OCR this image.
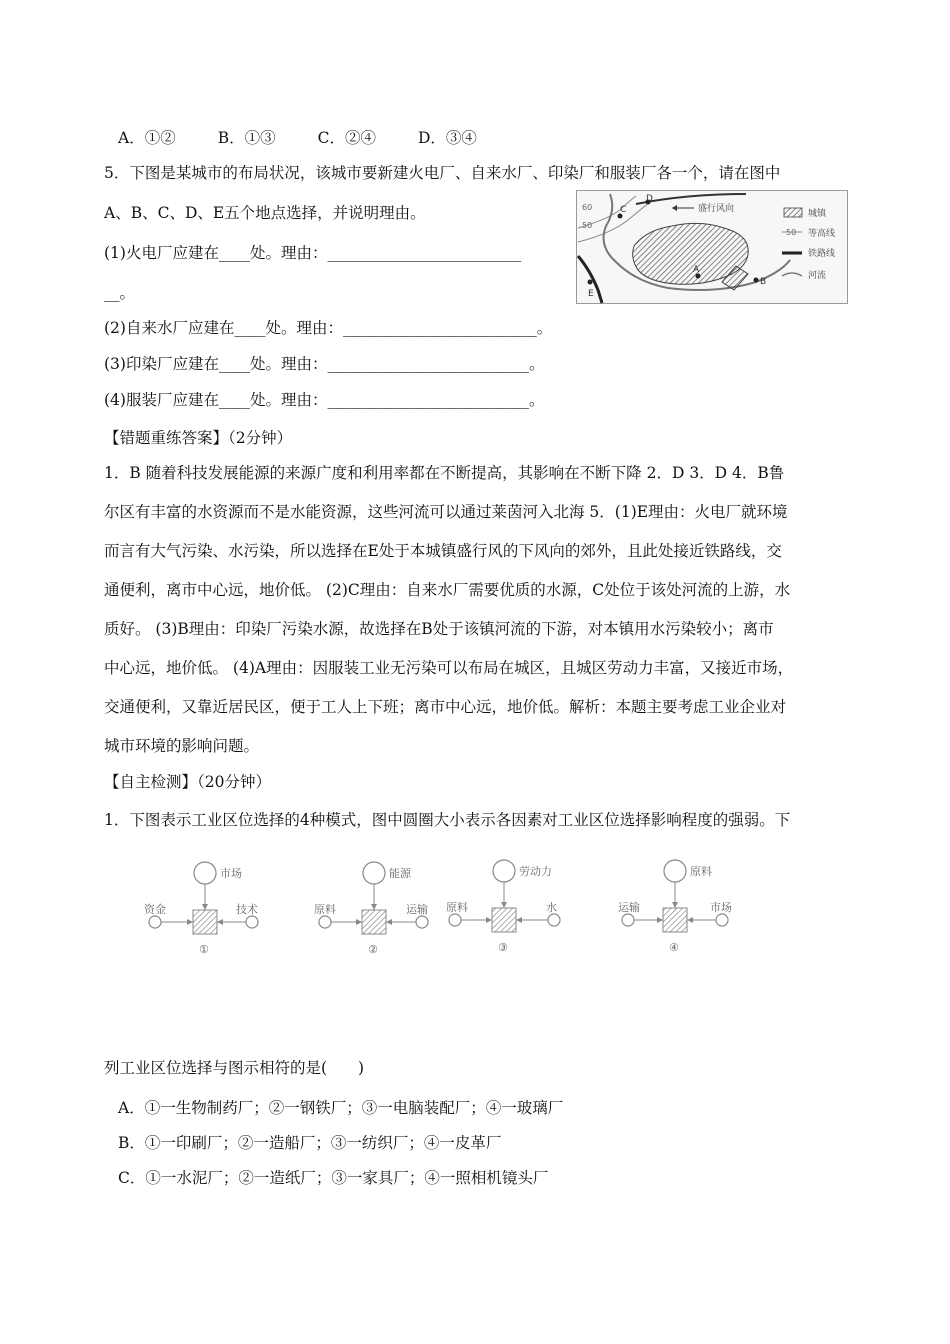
A．①②	B．①③	C．②④	D．③④
5．下图是某城市的布局状况，该城市要新建火电厂、自来水厂、印染厂和服装厂各一个，请在图中
A、B、C、D、E五个地点选择，并说明理由。
(1)火电厂应建在____处。理由：_________________________
__。
(2)自来水厂应建在____处。理由：_________________________。
(3)印染厂应建在____处。理由：__________________________。
(4)服装厂应建在____处。理由：__________________________。
60
50
盛行风向
A
B
C
D
E
城镇
50 等高线
铁路线
河流
【错题重练答案】（2分钟）
1．B 随着科技发展能源的来源广度和利用率都在不断提高，其影响在不断下降 2．D 3．D 4．B鲁
尔区有丰富的水资源而不是水能资源，这些河流可以通过莱茵河入北海 5．(1)E理由：火电厂就环境
而言有大气污染、水污染，所以选择在E处于本城镇盛行风的下风向的郊外，且此处接近铁路线，交
通便利，离市中心远，地价低。 (2)C理由：自来水厂需要优质的水源，C处位于该处河流的上游，水
质好。 (3)B理由：印染厂污染水源，故选择在B处于该镇河流的下游，对本镇用水污染较小；离市
中心远，地价低。 (4)A理由：因服装工业无污染可以布局在城区，且城区劳动力丰富，又接近市场，
交通便利，又靠近居民区，便于工人上下班；离市中心远，地价低。解析：本题主要考虑工业企业对
城市环境的影响问题。
【自主检测】（20分钟）
1．下图表示工业区位选择的4种模式，图中圆圈大小表示各因素对工业区位选择影响程度的强弱。下
市场
资金	技术
①
能源
原料	运输
②
劳动力
原料	水
③
原料
运输	市场
④
列工业区位选择与图示相符的是(　　)
A．①一生物制药厂；②一钢铁厂；③一电脑装配厂；④一玻璃厂
B．①一印刷厂；②一造船厂；③一纺织厂；④一皮革厂
C．①一水泥厂；②一造纸厂；③一家具厂；④一照相机镜头厂
